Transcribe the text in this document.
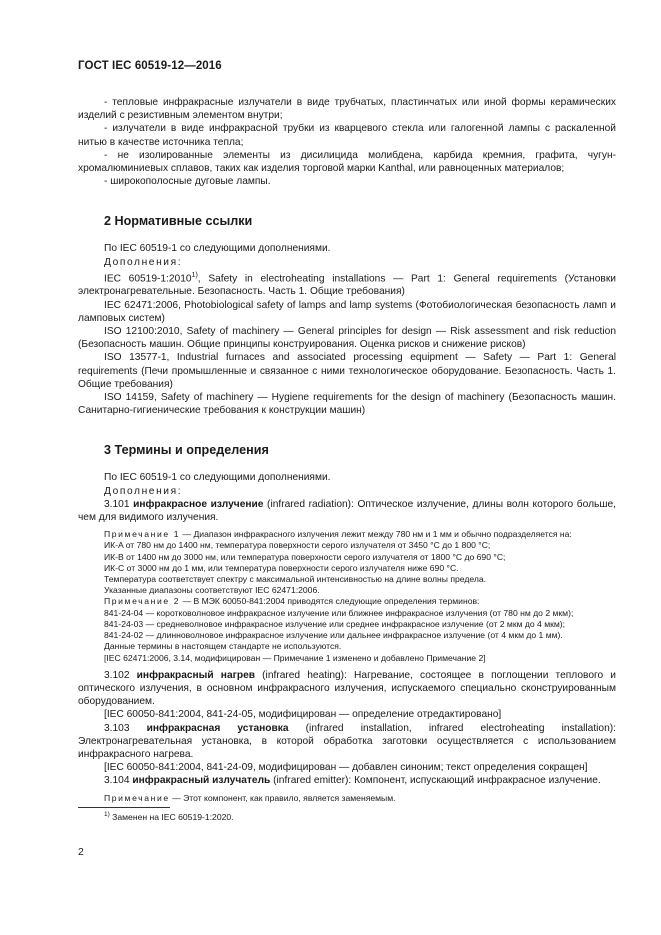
ГОСТ IEC 60519-12—2016

- тепловые инфракрасные излучатели в виде трубчатых, пластинчатых или иной формы керамических изделий с резистивным элементом внутри;

- излучатели в виде инфракрасной трубки из кварцевого стекла или галогенной лампы с раскаленной нитью в качестве источника тепла;

- не изолированные элементы из дисилицида молибдена, карбида кремния, графита, чугун-хромалюминиевых сплавов, таких как изделия торговой марки Kanthal, или равноценных материалов;

- широкополосные дуговые лампы.

2 Нормативные ссылки

По IEC 60519-1 со следующими дополнениями.

Дополнения:

IEC 60519-1:2010$^{1)}$, Safety in electroheating installations — Part 1: General requirements (Установки электронагревательные. Безопасность. Часть 1. Общие требования)

IEC 62471:2006, Photobiological safety of lamps and lamp systems (Фотобиологическая безопасность ламп и ламповых систем)

ISO 12100:2010, Safety of machinery — General principles for design — Risk assessment and risk reduction (Безопасность машин. Общие принципы конструирования. Оценка рисков и снижение рисков)

ISO 13577-1, Industrial furnaces and associated processing equipment — Safety — Part 1: General requirements (Печи промышленные и связанное с ними технологическое оборудование. Безопасность. Часть 1. Общие требования)

ISO 14159, Safety of machinery — Hygiene requirements for the design of machinery (Безопасность машин. Санитарно-гигиенические требования к конструкции машин)

3 Термины и определения

По IEC 60519-1 со следующими дополнениями.

Дополнения:

3.101 инфракрасное излучение (infrared radiation): Оптическое излучение, длины волн которого больше, чем для видимого излучения.

Примечание 1 — Диапазон инфракрасного излучения лежит между 780 нм и 1 мм и обычно подразделяется на:

ИК-A от 780 нм до 1400 нм, температура поверхности серого излучателя от 3450 °C до 1 800 °C;

ИК-B от 1400 нм до 3000 нм, или температура поверхности серого излучателя от 1800 °C до 690 °C;

ИК-C от 3000 нм до 1 мм, или температура поверхности серого излучателя ниже 690 °C.

Температура соответствует спектру с максимальной интенсивностью на длине волны предела.

Указанные диапазоны соответствуют IEC 62471:2006.

Примечание 2 — В МЭК 60050-841:2004 приводятся следующие определения терминов:

841-24-04 — коротковолновое инфракрасное излучение или ближнее инфракрасное излучения (от 780 нм до 2 мкм);

841-24-03 — средневолновое инфракрасное излучение или среднее инфракрасное излучение (от 2 мкм до 4 мкм);

841-24-02 — длинноволновое инфракрасное излучение или дальнее инфракрасное излучение (от 4 мкм до 1 мм).

Данные термины в настоящем стандарте не используются.

[IEC 62471:2006, 3.14, модифицирован — Примечание 1 изменено и добавлено Примечание 2]

3.102 инфракрасный нагрев (infrared heating): Нагревание, состоящее в поглощении теплового и оптического излучения, в основном инфракрасного излучения, испускаемого специально сконструированным оборудованием.

[IEC 60050-841:2004, 841-24-05, модифицирован — определение отредактировано]

3.103 инфракрасная установка (infrared installation, infrared electroheating installation): Электронагревательная установка, в которой обработка заготовки осуществляется с использованием инфракрасного нагрева.

[IEC 60050-841:2004, 841-24-09, модифицирован — добавлен синоним; текст определения сокращен]

3.104 инфракрасный излучатель (infrared emitter): Компонент, испускающий инфракрасное излучение.

Примечание — Этот компонент, как правило, является заменяемым.

$^{1)}$ Заменен на IEC 60519-1:2020.

2
